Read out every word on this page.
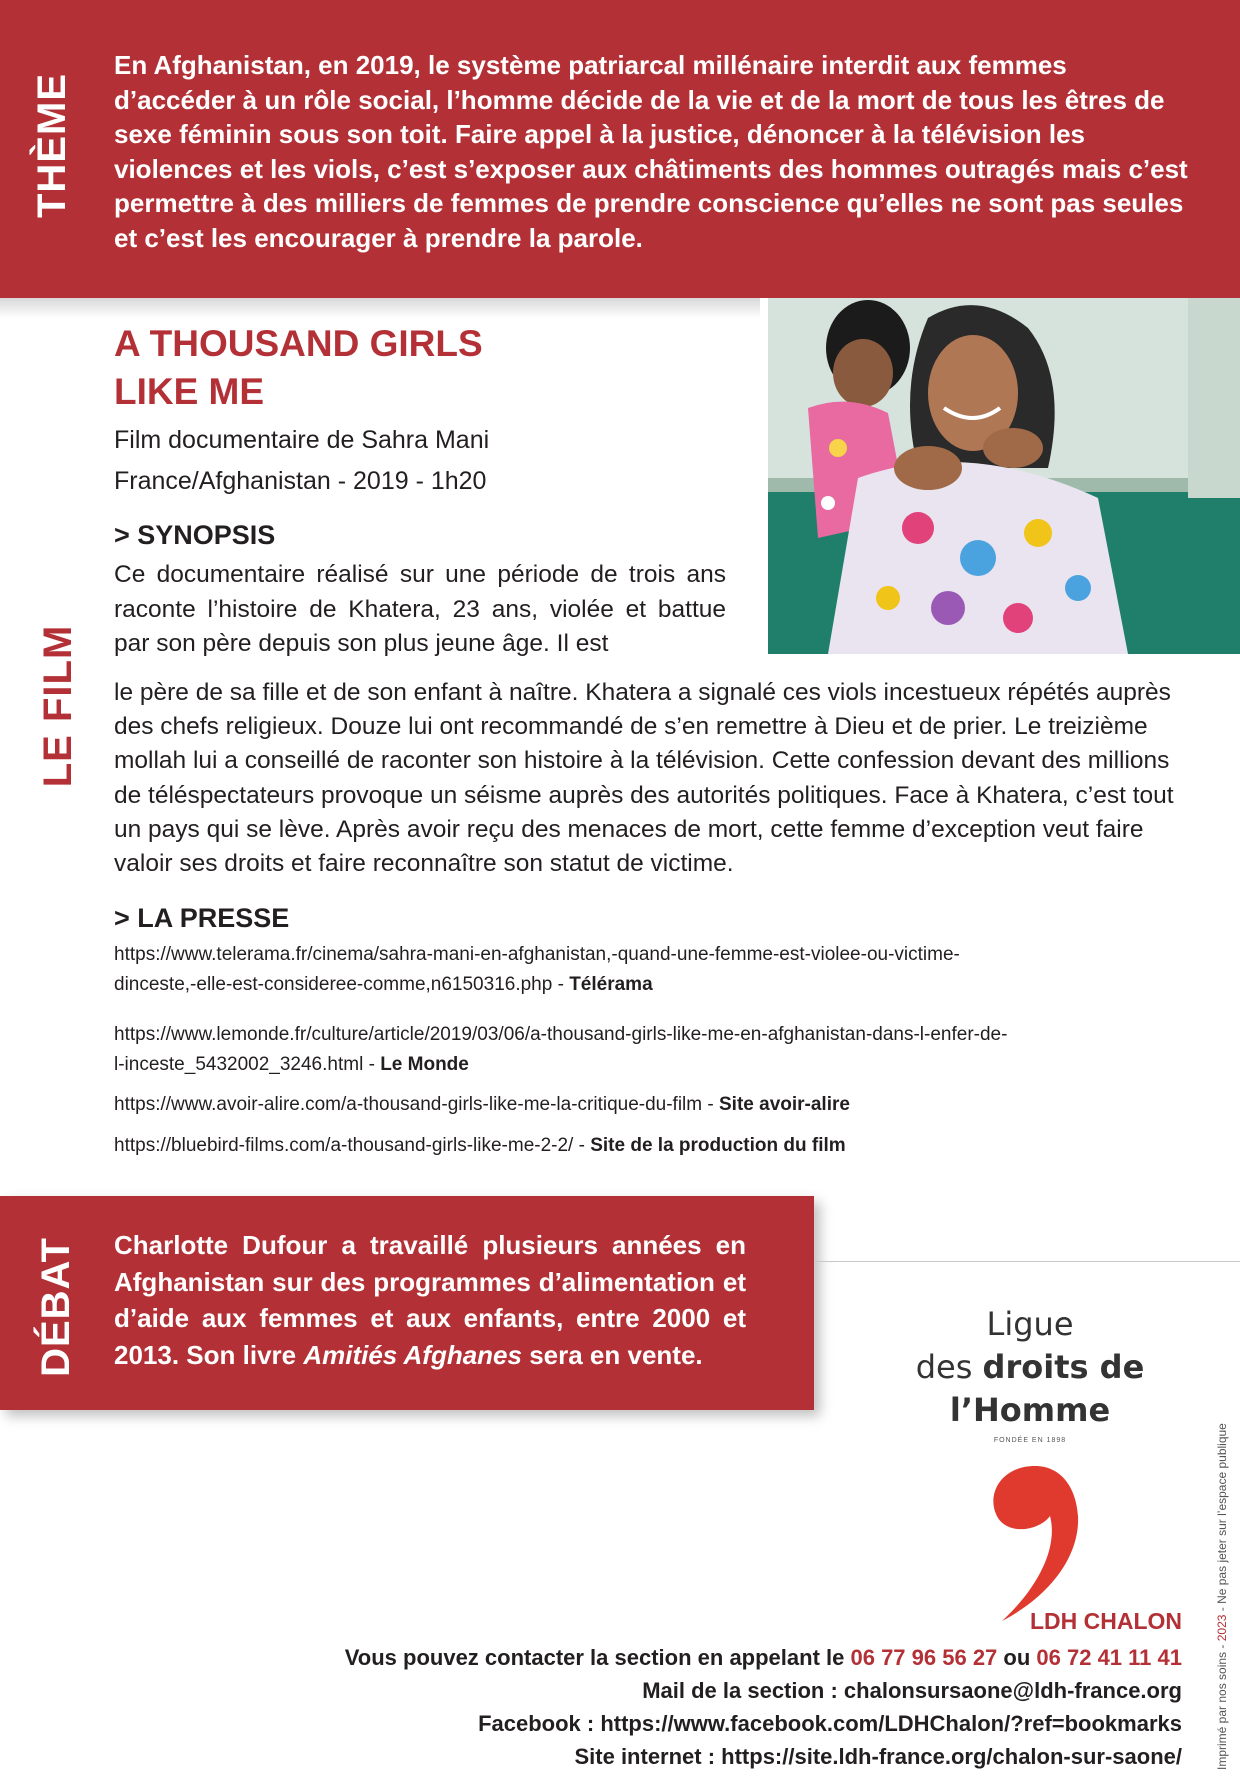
THÈME
En Afghanistan, en 2019, le système patriarcal millénaire interdit aux femmes d’accéder à un rôle social, l’homme décide de la vie et de la mort de tous les êtres de sexe féminin sous son toit. Faire appel à la justice, dénoncer à la télévision les violences et les viols, c’est s’exposer aux châtiments des hommes outragés mais c’est permettre à des milliers de femmes de prendre conscience qu’elles ne sont pas seules et c’est les encourager à prendre la parole.
LE FILM
A THOUSAND GIRLS
LIKE ME
Film documentaire de Sahra Mani
France/Afghanistan - 2019 - 1h20
> SYNOPSIS

Ce documentaire réalisé sur une période de trois ans raconte l’histoire de Khatera, 23 ans, violée et battue par son père depuis son plus jeune âge. Il est

le père de sa fille et de son enfant à naître. Khatera a signalé ces viols incestueux répétés auprès des chefs religieux. Douze lui ont recommandé de s’en remettre à Dieu et de prier. Le treizième mollah lui a conseillé de raconter son histoire à la télévision. Cette confession devant des millions de téléspectateurs provoque un séisme auprès des autorités politiques. Face à Khatera, c’est tout un pays qui se lève. Après avoir reçu des menaces de mort, cette femme d’exception veut faire valoir ses droits et faire reconnaître son statut de victime.

> LA PRESSE
https://www.telerama.fr/cinema/sahra-mani-en-afghanistan,-quand-une-femme-est-violee-ou-victime-
dinceste,-elle-est-consideree-comme,n6150316.php - Télérama
https://www.lemonde.fr/culture/article/2019/03/06/a-thousand-girls-like-me-en-afghanistan-dans-l-enfer-de-
l-inceste_5432002_3246.html - Le Monde
https://www.avoir-alire.com/a-thousand-girls-like-me-la-critique-du-film - Site avoir-alire
https://bluebird-films.com/a-thousand-girls-like-me-2-2/ - Site de la production du film
DÉBAT Charlotte Dufour a travaillé plusieurs années en Afghanistan sur des programmes d’alimentation et d’aide aux femmes et aux enfants, entre 2000 et 2013. Son livre Amitiés Afghanes sera en vente.
Ligue
des droits de
l’Homme
FONDÉE EN 1898
LDH CHALON
Vous pouvez contacter la section en appelant le 06 77 96 56 27 ou 06 72 41 11 41
Mail de la section : chalonsursaone@ldh-france.org
Facebook : https://www.facebook.com/LDHChalon/?ref=bookmarks
Site internet : https://site.ldh-france.org/chalon-sur-saone/	Imprimé par nos soins - 2023 - Ne pas jeter sur l’espace publique
